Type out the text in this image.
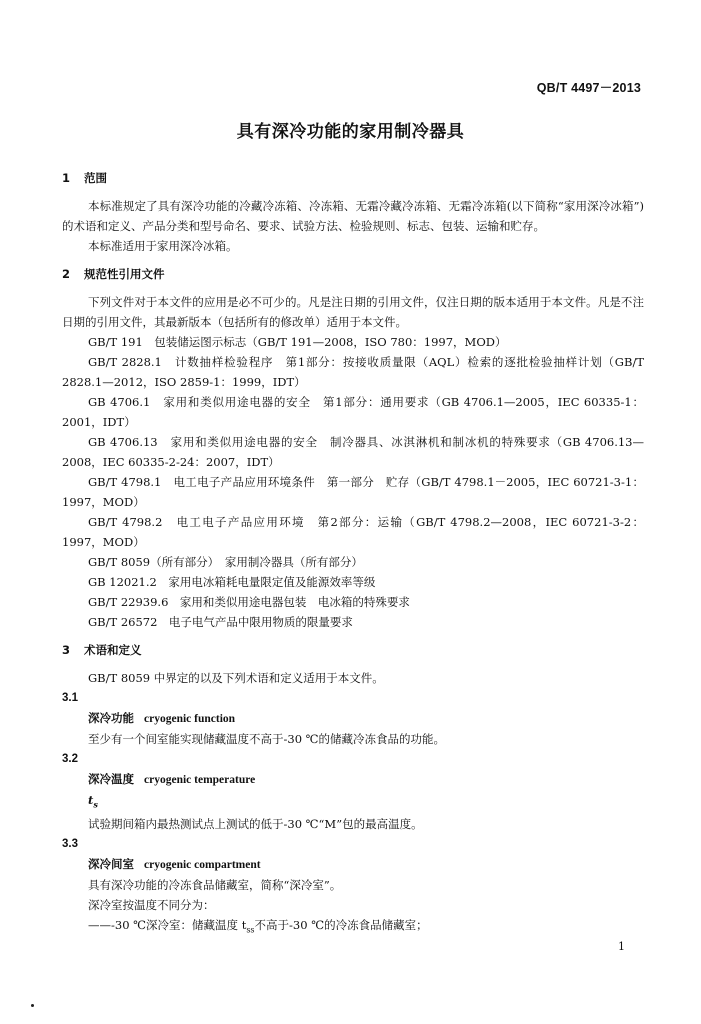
QB/T 4497－2013
具有深冷功能的家用制冷器具
1 范围
本标准规定了具有深冷功能的冷藏冷冻箱、冷冻箱、无霜冷藏冷冻箱、无霜冷冻箱(以下简称“家用深冷冰箱”)的术语和定义、产品分类和型号命名、要求、试验方法、检验规则、标志、包装、运输和贮存。
本标准适用于家用深冷冰箱。
2 规范性引用文件
下列文件对于本文件的应用是必不可少的。凡是注日期的引用文件，仅注日期的版本适用于本文件。凡是不注日期的引用文件，其最新版本（包括所有的修改单）适用于本文件。
GB/T 191　包装储运图示标志（GB/T 191—2008，ISO 780：1997，MOD）
GB/T 2828.1　计数抽样检验程序　第1部分：按接收质量限（AQL）检索的逐批检验抽样计划（GB/T 2828.1—2012，ISO 2859-1：1999，IDT）
GB 4706.1　家用和类似用途电器的安全　第1部分：通用要求（GB 4706.1—2005，IEC 60335-1：2001，IDT）
GB 4706.13　家用和类似用途电器的安全　制冷器具、冰淇淋机和制冰机的特殊要求（GB 4706.13—2008，IEC 60335-2-24：2007，IDT）
GB/T 4798.1　电工电子产品应用环境条件　第一部分　贮存（GB/T 4798.1－2005，IEC 60721-3-1：1997，MOD）
GB/T 4798.2　电工电子产品应用环境　第2部分：运输（GB/T 4798.2—2008，IEC 60721-3-2：1997，MOD）
GB/T 8059（所有部分）　家用制冷器具（所有部分）
GB 12021.2　家用电冰箱耗电量限定值及能源效率等级
GB/T 22939.6　家用和类似用途电器包装　电冰箱的特殊要求
GB/T 26572　电子电气产品中限用物质的限量要求
3 术语和定义
GB/T 8059 中界定的以及下列术语和定义适用于本文件。
3.1
深冷功能 cryogenic function
至少有一个间室能实现储藏温度不高于-30 ℃的储藏冷冻食品的功能。
3.2
深冷温度 cryogenic temperature
$t_s$
试验期间箱内最热测试点上测试的低于-30 ℃“M”包的最高温度。
3.3
深冷间室 cryogenic compartment
具有深冷功能的冷冻食品储藏室，简称“深冷室”。
深冷室按温度不同分为：
——-30 ℃深冷室：储藏温度 $t_{ss}$不高于-30 ℃的冷冻食品储藏室；
1
